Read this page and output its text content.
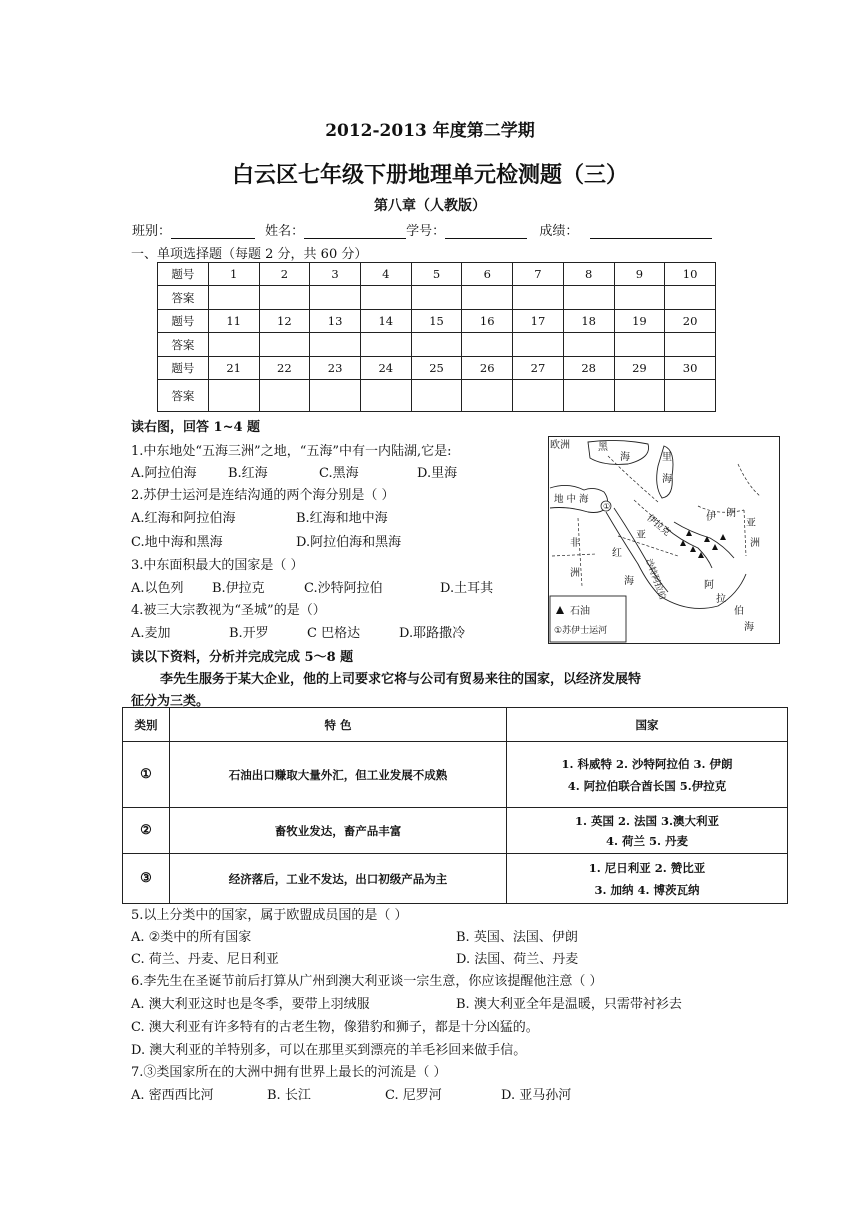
2012-2013 年度第二学期
白云区七年级下册地理单元检测题（三）
第八章（人教版）
班别：	姓名：	学号：	成绩：
一、单项选择题（每题 2 分，共 60 分）
题号	1	2	3	4	5	6	7	8	9	10
答案										
题号	11	12	13	14	15	16	17	18	19	20
答案										
题号	21	22	23	24	25	26	27	28	29	30
答案										
读右图，回答 1~4 题
1.中东地处“五海三洲”之地，“五海”中有一内陆湖,它是:
A.阿拉伯海 B.红海	C.黑海	D.里海
2.苏伊士运河是连结沟通的两个海分别是（ ）
A.红海和阿拉伯海	B.红海和地中海
C.地中海和黑海	D.阿拉伯海和黑海
3.中东面积最大的国家是（ ）
A.以色列 B.伊拉克	C.沙特阿拉伯	D.土耳其
4.被三大宗教视为“圣城”的是（）
A.麦加	B.开罗	C 巴格达	D.耶路撒冷
欧洲	黑
海	里
海
地 中 海
①
伊拉克	伊 朗
非
洲
亚
沙特阿拉伯
红
海
亚
洲
阿
拉
伯
海
石油
①苏伊士运河
读以下资料，分析并完成完成 5～8 题
李先生服务于某大企业，他的上司要求它将与公司有贸易来往的国家，以经济发展特
征分为三类。
类别	特 色	国家
①	石油出口赚取大量外汇，但工业发展不成熟	1. 科威特 2. 沙特阿拉伯 3. 伊朗
4. 阿拉伯联合酋长国 5.伊拉克

②	畜牧业发达，畜产品丰富	1. 英国 2. 法国 3.澳大利亚
4. 荷兰 5. 丹麦

③	经济落后，工业不发达，出口初级产品为主	1. 尼日利亚 2. 赞比亚
3. 加纳 4. 博茨瓦纳
5.以上分类中的国家，属于欧盟成员国的是（ ）
A. ②类中的所有国家	B. 英国、法国、伊朗
C. 荷兰、丹麦、尼日利亚	D. 法国、荷兰、丹麦
6.李先生在圣诞节前后打算从广州到澳大利亚谈一宗生意，你应该提醒他注意（ ）
A. 澳大利亚这时也是冬季，要带上羽绒服	B. 澳大利亚全年是温暖，只需带衬衫去
C. 澳大利亚有许多特有的古老生物，像猎豹和狮子，都是十分凶猛的。
D. 澳大利亚的羊特别多，可以在那里买到漂亮的羊毛衫回来做手信。
7.③类国家所在的大洲中拥有世界上最长的河流是（ ）
A. 密西西比河	B. 长江	C. 尼罗河	D. 亚马孙河
